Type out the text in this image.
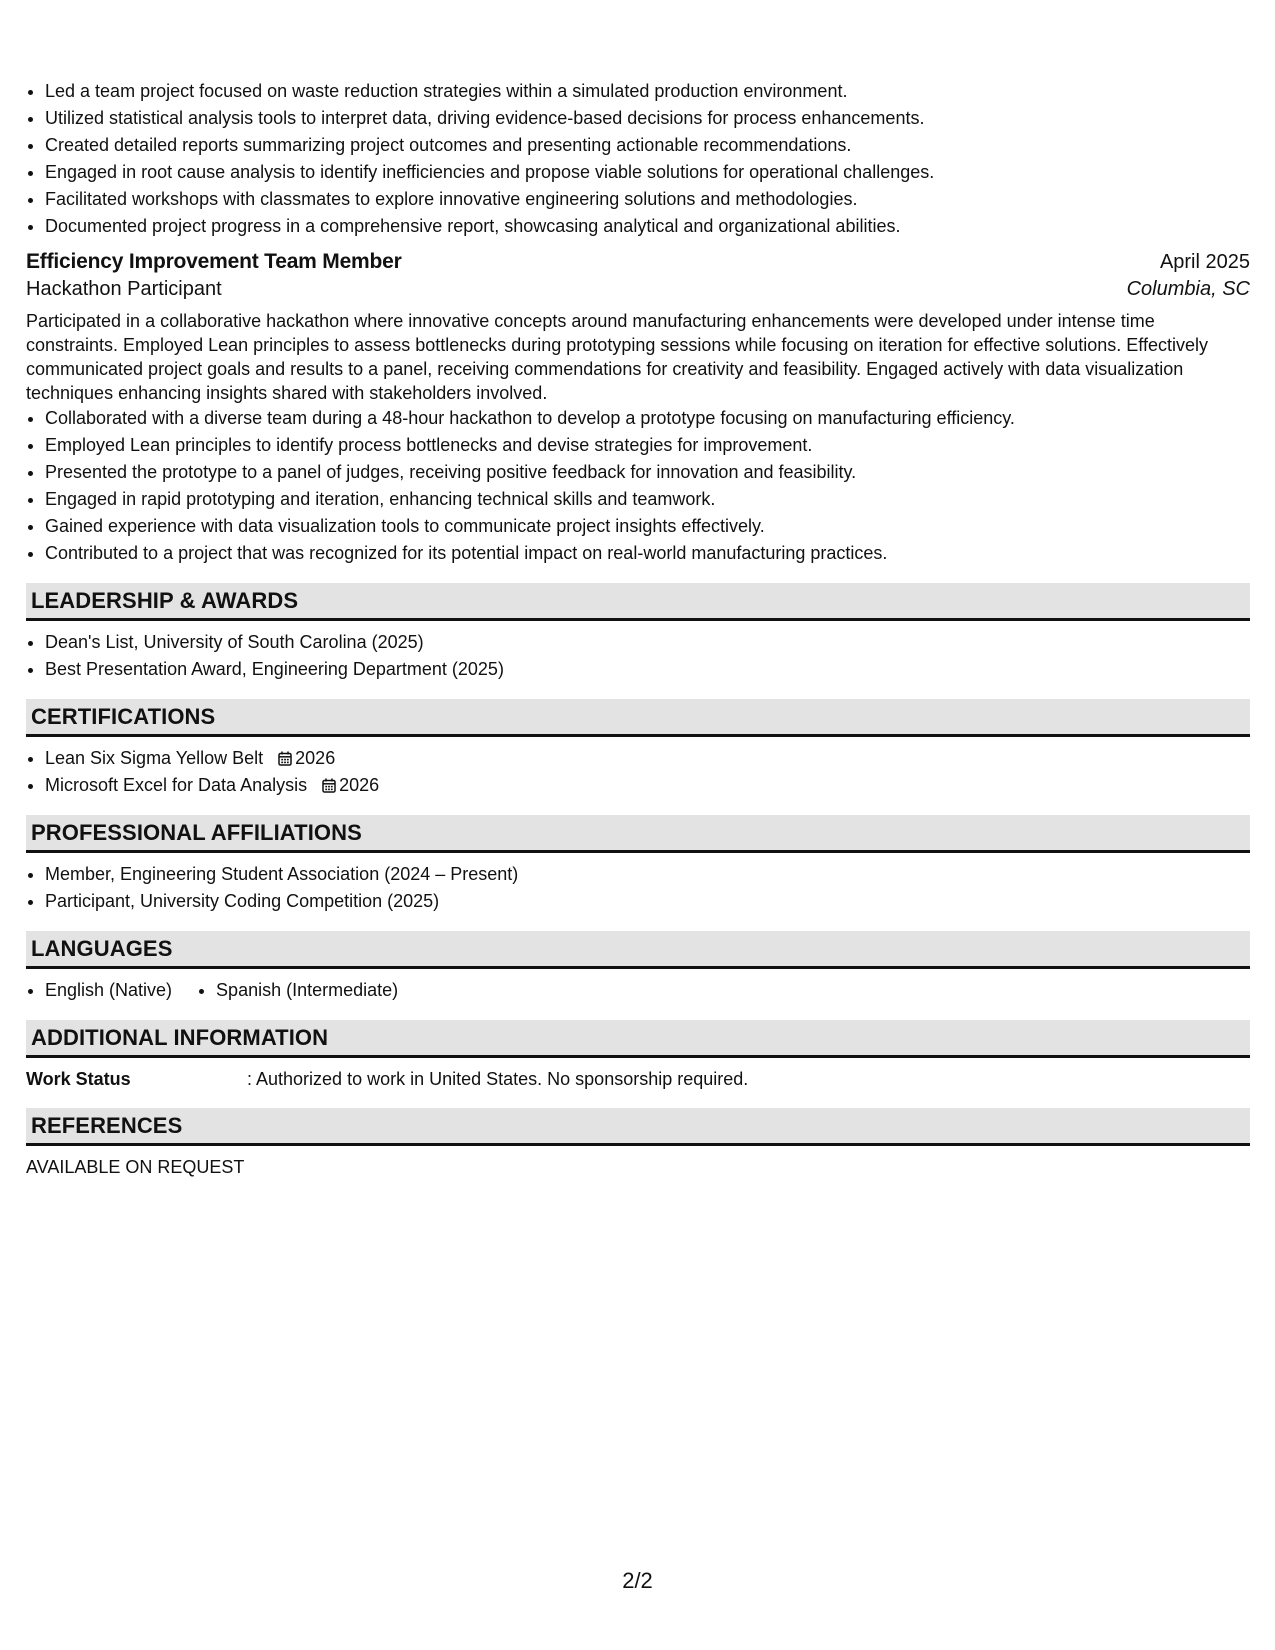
• Led a team project focused on waste reduction strategies within a simulated production environment.
• Utilized statistical analysis tools to interpret data, driving evidence-based decisions for process enhancements.
• Created detailed reports summarizing project outcomes and presenting actionable recommendations.
• Engaged in root cause analysis to identify inefficiencies and propose viable solutions for operational challenges.
• Facilitated workshops with classmates to explore innovative engineering solutions and methodologies.
• Documented project progress in a comprehensive report, showcasing analytical and organizational abilities.
Efficiency Improvement Team Member	April 2025
Hackathon Participant	Columbia, SC
Participated in a collaborative hackathon where innovative concepts around manufacturing enhancements were developed under intense time constraints. Employed Lean principles to assess bottlenecks during prototyping sessions while focusing on iteration for effective solutions. Effectively communicated project goals and results to a panel, receiving commendations for creativity and feasibility. Engaged actively with data visualization techniques enhancing insights shared with stakeholders involved.
• Collaborated with a diverse team during a 48-hour hackathon to develop a prototype focusing on manufacturing efficiency.
• Employed Lean principles to identify process bottlenecks and devise strategies for improvement.
• Presented the prototype to a panel of judges, receiving positive feedback for innovation and feasibility.
• Engaged in rapid prototyping and iteration, enhancing technical skills and teamwork.
• Gained experience with data visualization tools to communicate project insights effectively.
• Contributed to a project that was recognized for its potential impact on real-world manufacturing practices.
LEADERSHIP & AWARDS
• Dean's List, University of South Carolina (2025)
• Best Presentation Award, Engineering Department (2025)
CERTIFICATIONS
• Lean Six Sigma Yellow Belt 2026
• Microsoft Excel for Data Analysis 2026
PROFESSIONAL AFFILIATIONS
• Member, Engineering Student Association (2024 – Present)
• Participant, University Coding Competition (2025)
LANGUAGES
• English (Native)
• Spanish (Intermediate)
ADDITIONAL INFORMATION
Work Status	: Authorized to work in United States. No sponsorship required.
REFERENCES
AVAILABLE ON REQUEST
2/2
